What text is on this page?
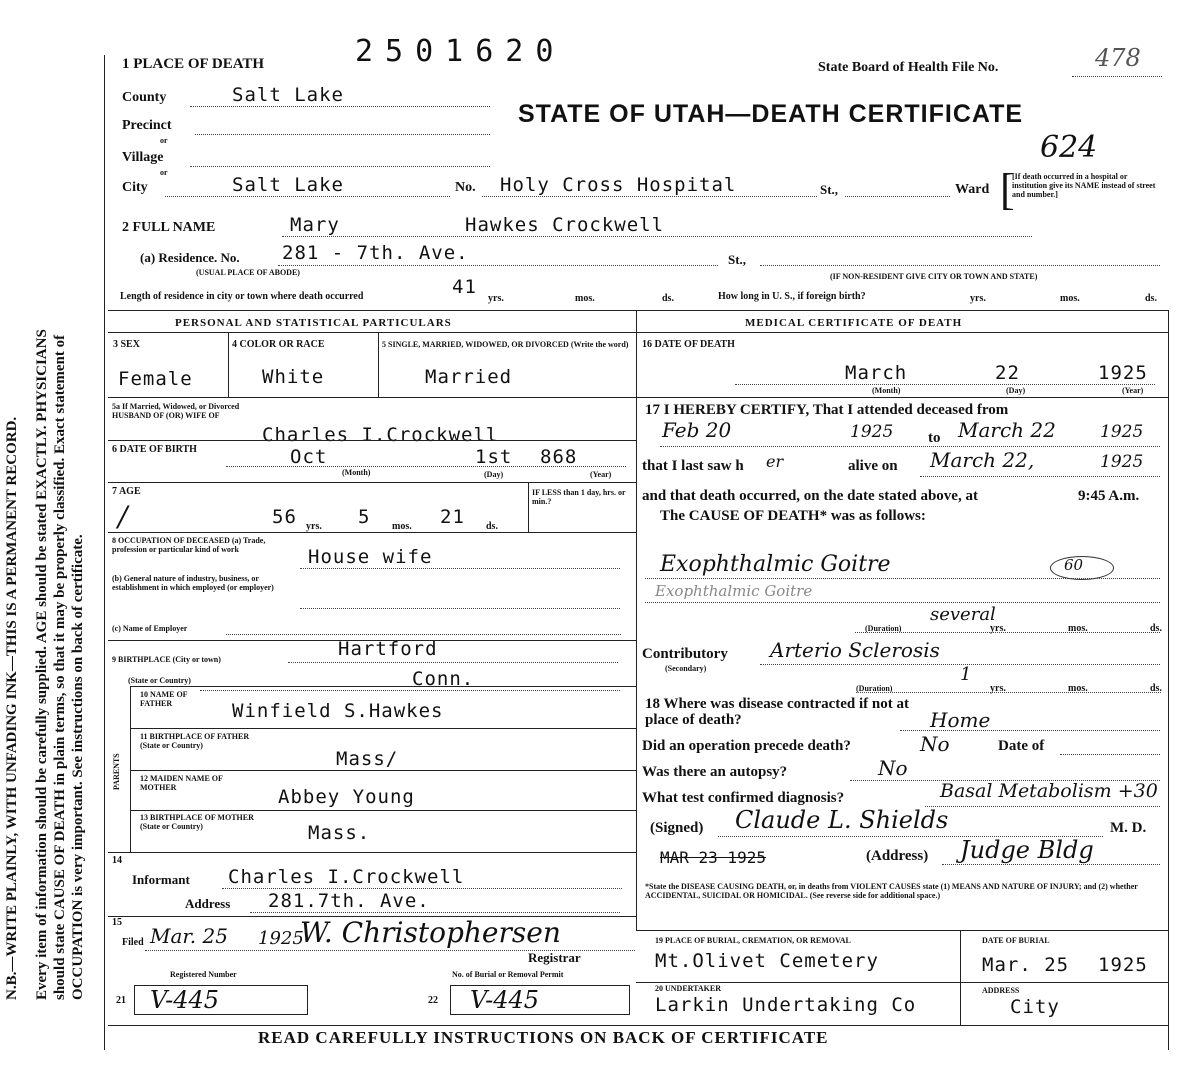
N.B.—WRITE PLAINLY, WITH UNFADING INK—THIS IS A PERMANENT RECORD. Every item of information should be carefully supplied. AGE should be stated EXACTLY. PHYSICIANS should state CAUSE OF DEATH in plain terms, so that it may be properly classified. Exact statement of OCCUPATION is very important. See instructions on back of certificate.
1 PLACE OF DEATH	2501620	State Board of Health File No.	478
STATE OF UTAH—DEATH CERTIFICATE
624
County	Salt Lake
Precinct
or
Village
or
City	Salt Lake	No. Holy Cross Hospital	St.,	Ward
[If death occurred in a hospital or institution give its NAME instead of street and number.]
[
2 FULL NAME	Mary	Hawkes Crockwell
(a) Residence. No. 281 - 7th. Ave.	St.,
(USUAL PLACE OF ABODE)	(IF NON-RESIDENT GIVE CITY OR TOWN AND STATE)
Length of residence in city or town where death occurred	41
yrs.	mos.	ds.	How long in U. S., if foreign birth?	yrs.	mos.	ds.
PERSONAL AND STATISTICAL PARTICULARS
3 SEX
Female
4 COLOR OR RACE
White
5 SINGLE, MARRIED, WIDOWED, OR DIVORCED (Write the word)
Married
5a If Married, Widowed, or Divorced HUSBAND OF (OR) WIFE OF
Charles I.Crockwell
6 DATE OF BIRTH	Oct	1st 868
(Month)	(Day)	(Year)
7 AGE
/	56 yrs. 5 mos. 21 ds.
IF LESS than 1 day, hrs. or min.?
8 OCCUPATION OF DECEASED (a) Trade, profession or particular kind of work
(b) General nature of industry, business, or establishment in which employed (or employer)
House wife
(c) Name of Employer
9 BIRTHPLACE (City or town)	Hartford
(State or Country)	Conn.
PARENTS
10 NAME OF FATHER	Winfield S.Hawkes
11 BIRTHPLACE OF FATHER (State or Country)
Mass/
12 MAIDEN NAME OF MOTHER	Abbey Young
13 BIRTHPLACE OF MOTHER (State or Country)	Mass.
14
Informant Charles I.Crockwell
Address 281.7th. Ave.
15
Filed Mar. 25 1925
W. Christophersen
Registrar
Registered Number
21 V-445
No. of Burial or Removal Permit
22 V-445
MEDICAL CERTIFICATE OF DEATH
16 DATE OF DEATH
March	22	1925
(Month)	(Day)	(Year)
17 I HEREBY CERTIFY, That I attended deceased from
Feb 20	1925 to March 22	1925
that I last saw h er	alive on March 22,	1925
and that death occurred, on the date stated above, at	9:45 A.m.
The CAUSE OF DEATH* was as follows:
Exophthalmic Goitre	60
Exophthalmic Goitre
(Duration)
several
yrs.	mos.	ds.
Contributory
(Secondary)
Arterio Sclerosis
(Duration)
1
yrs.	mos.	ds.
18 Where was disease contracted if not at place of death?	Home
Did an operation precede death?	No	Date of
Was there an autopsy?	No
What test confirmed diagnosis?	Basal Metabolism +30
(Signed) Claude L. Shields	M. D.
MAR 23 1925	(Address) Judge Bldg
*State the DISEASE CAUSING DEATH, or, in deaths from VIOLENT CAUSES state (1) MEANS AND NATURE OF INJURY; and (2) whether ACCIDENTAL, SUICIDAL OR HOMICIDAL. (See reverse side for additional space.)
19 PLACE OF BURIAL, CREMATION, OR REMOVAL
Mt.Olivet Cemetery
DATE OF BURIAL
Mar. 25 1925
20 UNDERTAKER
Larkin Undertaking Co
ADDRESS
City
READ CAREFULLY INSTRUCTIONS ON BACK OF CERTIFICATE
